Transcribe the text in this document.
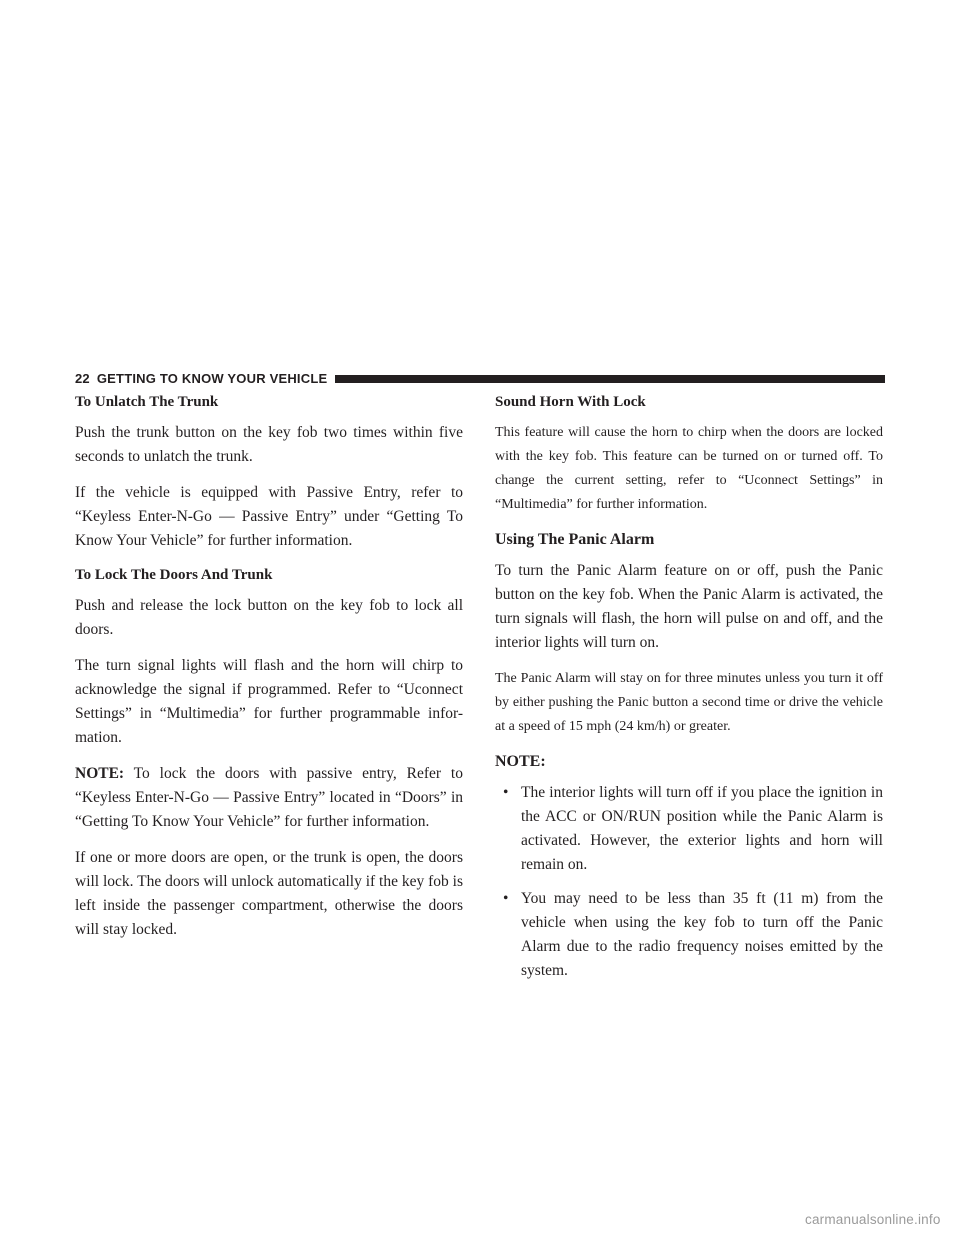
22 GETTING TO KNOW YOUR VEHICLE
To Unlatch The Trunk

Push the trunk button on the key fob two times within five seconds to unlatch the trunk.

If the vehicle is equipped with Passive Entry, refer to “Keyless Enter-N-Go — Passive Entry” under “Getting To Know Your Vehicle” for further information.

To Lock The Doors And Trunk

Push and release the lock button on the key fob to lock all doors.

The turn signal lights will flash and the horn will chirp to acknowledge the signal if programmed. Refer to “Uconnect Settings” in “Multimedia” for further programmable infor-mation.

NOTE: To lock the doors with passive entry, Refer to “Keyless Enter-N-Go — Passive Entry” located in “Doors” in “Getting To Know Your Vehicle” for further information.

If one or more doors are open, or the trunk is open, the doors will lock. The doors will unlock automatically if the key fob is left inside the passenger compartment, otherwise the doors will stay locked.

Sound Horn With Lock

This feature will cause the horn to chirp when the doors are locked with the key fob. This feature can be turned on or turned off. To change the current setting, refer to “Uconnect Settings” in “Multimedia” for further information.

Using The Panic Alarm

To turn the Panic Alarm feature on or off, push the Panic button on the key fob. When the Panic Alarm is activated, the turn signals will flash, the horn will pulse on and off, and the interior lights will turn on.

The Panic Alarm will stay on for three minutes unless you turn it off by either pushing the Panic button a second time or drive the vehicle at a speed of 15 mph (24 km/h) or greater.

NOTE:
• The interior lights will turn off if you place the ignition in the ACC or ON/RUN position while the Panic Alarm is activated. However, the exterior lights and horn will remain on.
• You may need to be less than 35 ft (11 m) from the vehicle when using the key fob to turn off the Panic Alarm due to the radio frequency noises emitted by the system.
carmanualsonline.info
